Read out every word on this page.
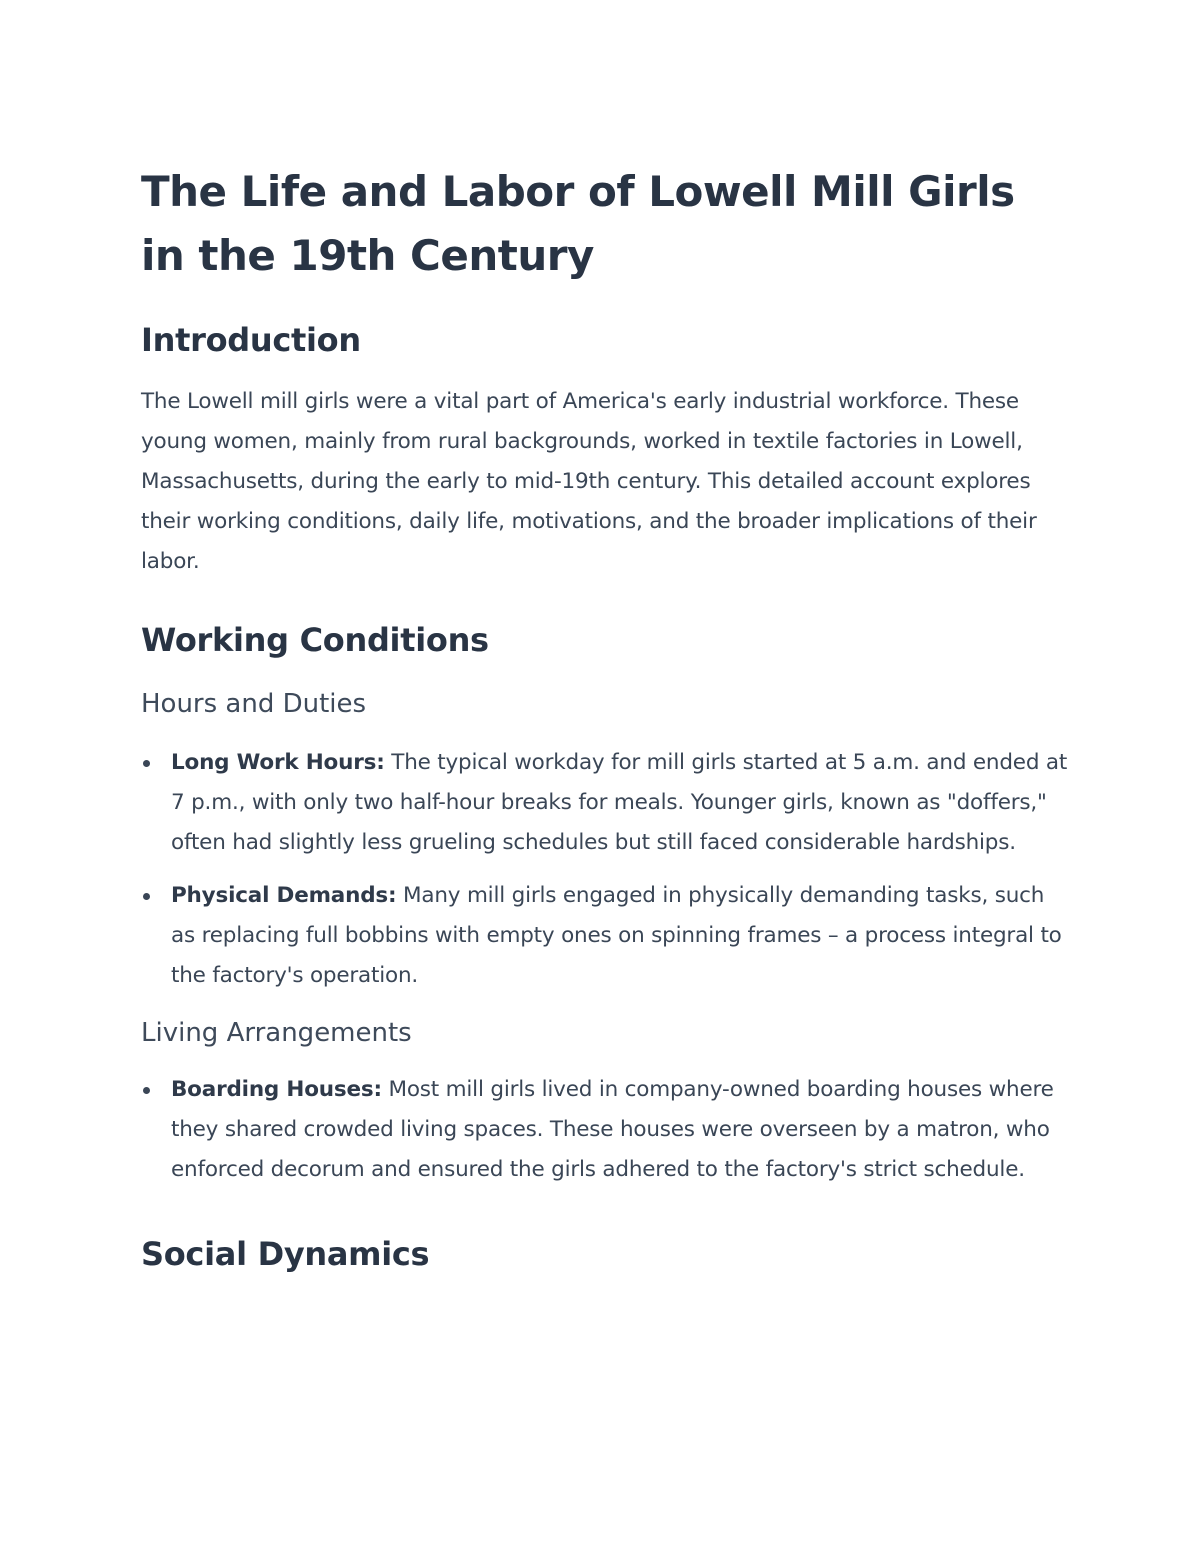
The Life and Labor of Lowell Mill Girls in the 19th Century
Introduction

The Lowell mill girls were a vital part of America's early industrial workforce. These young women, mainly from rural backgrounds, worked in textile factories in Lowell, Massachusetts, during the early to mid-19th century. This detailed account explores their working conditions, daily life, motivations, and the broader implications of their labor.

Working Conditions
Hours and Duties
Long Work Hours: The typical workday for mill girls started at 5 a.m. and ended at 7 p.m., with only two half-hour breaks for meals. Younger girls, known as "doffers," often had slightly less grueling schedules but still faced considerable hardships.
Physical Demands: Many mill girls engaged in physically demanding tasks, such as replacing full bobbins with empty ones on spinning frames – a process integral to the factory's operation.
Living Arrangements
Boarding Houses: Most mill girls lived in company-owned boarding houses where they shared crowded living spaces. These houses were overseen by a matron, who enforced decorum and ensured the girls adhered to the factory's strict schedule.
Social Dynamics
